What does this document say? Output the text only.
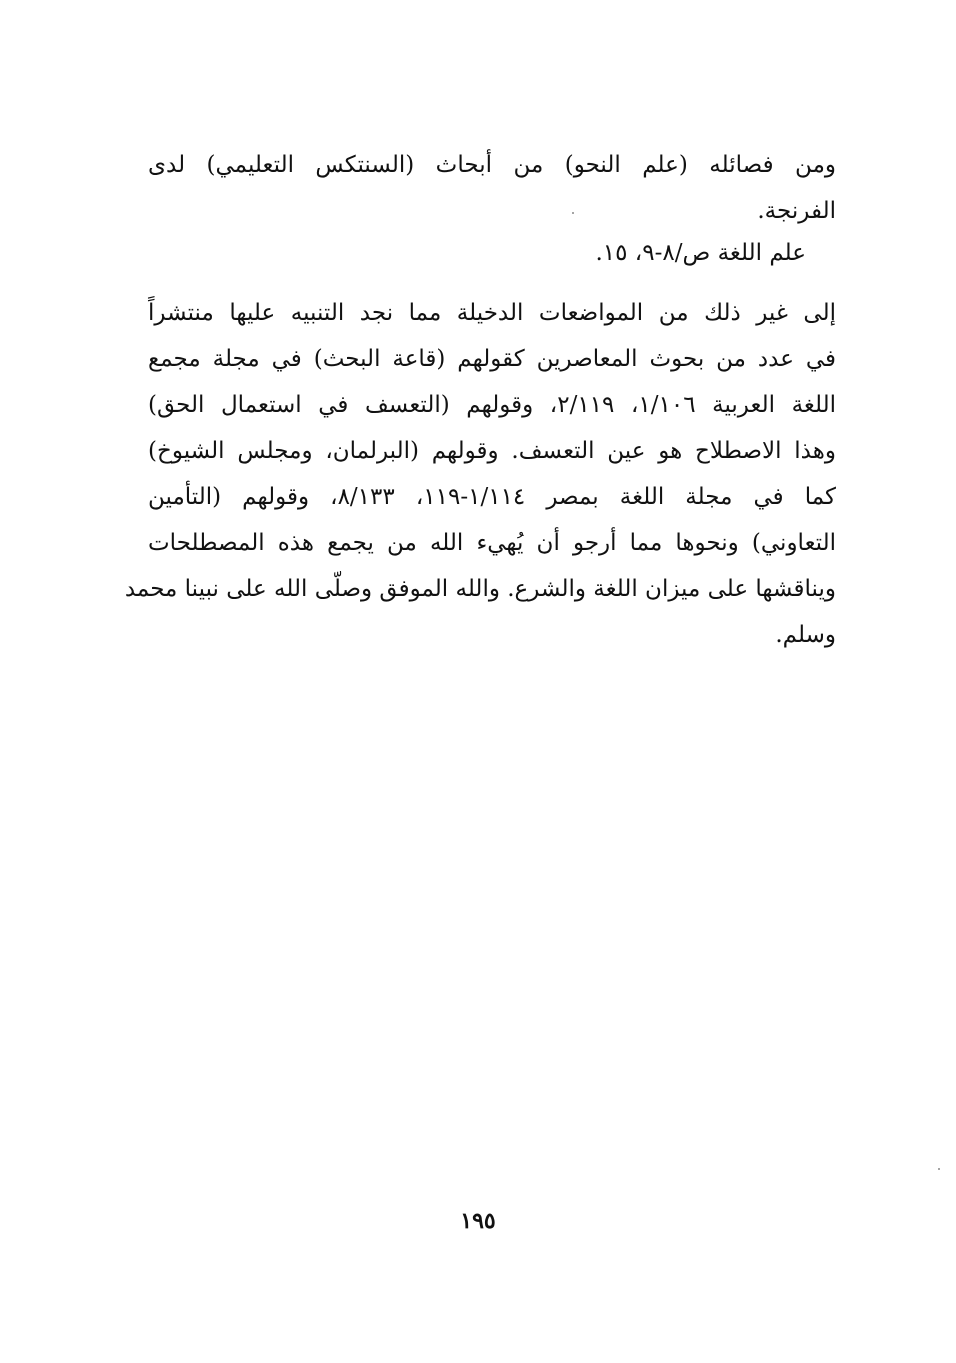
ومن فصائله (علم النحو) من أبحاث (السنتكس التعليمي) لدى
الفرنجة.
علم اللغة ص/٨-٩، ١٥.
إلى غير ذلك من المواضعات الدخيلة مما نجد التنبيه عليها منتشراً
في عدد من بحوث المعاصرين كقولهم (قاعة البحث) في مجلة مجمع
اللغة العربية ١/١٠٦، ٢/١١٩، وقولهم (التعسف في استعمال الحق)
وهذا الاصطلاح هو عين التعسف. وقولهم (البرلمان، ومجلس الشيوخ)
كما في مجلة اللغة بمصر ١/١١٤-١١٩، ٨/١٣٣، وقولهم (التأمين
التعاوني) ونحوها مما أرجو أن يُهيء الله من يجمع هذه المصطلحات
ويناقشها على ميزان اللغة والشرع. والله الموفق وصلّى الله على نبينا محمد
وسلم.
١٩٥
